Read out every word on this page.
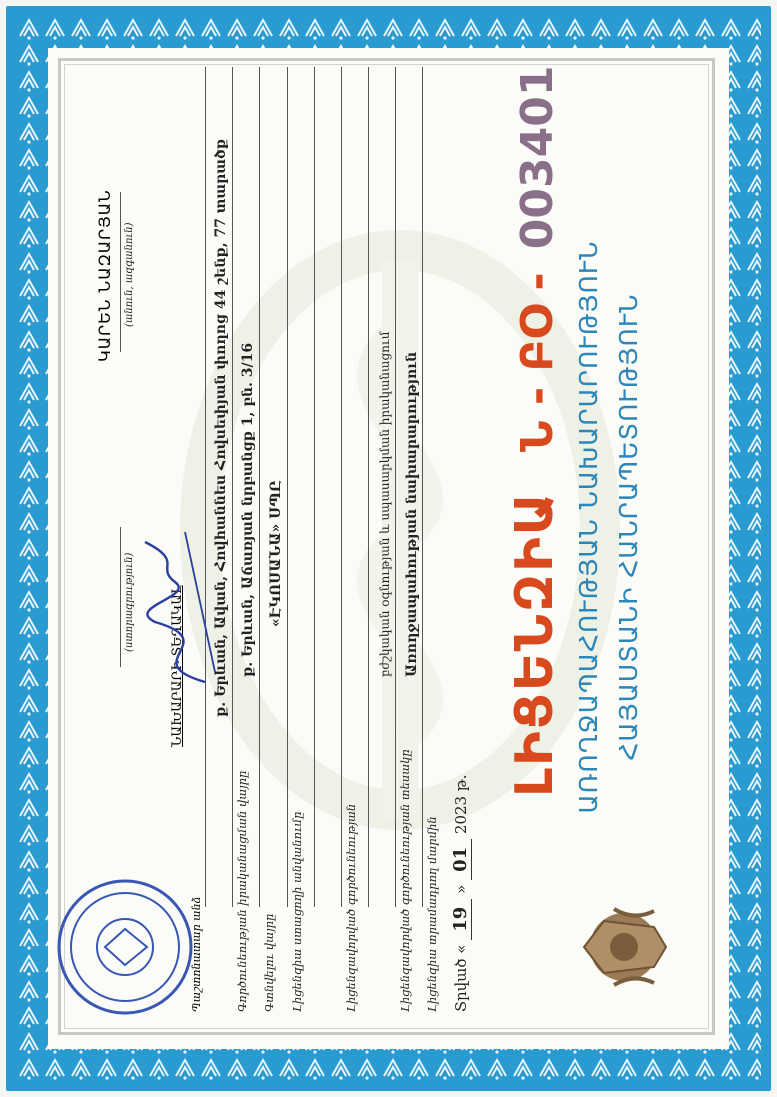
ՀԱՅԱՍՏԱՆԻ ՀԱՆՐԱՊԵՏՈՒԹՅՈՒՆ
ԱՌՈՂՋԱՊԱՀՈՒԹՅԱՆ ՆԱԽԱՐԱՐՈՒԹՅՈՒՆ
ԼԻՑԵՆԶԻԱ Ն - ԲՕ - 003401
Տրված « 19 » 01 2023 թ.
Լիցենզիա տրամադրող մարմին
Առողջապահության նախարարություն
Լիցենզավորված գործունեության տեսակը
բժշկական օգնության և սպասարկման իրականացում
Լիցենզավորված գործունեության
Լիցենզիա ստացողի անվանումը
«ԷԿՈՍԱՆԱ» ՍՊԸ
Գտնվելու վայրը
ք. Երևան, Աճառյան նրբանցք 1, բն. 3/16
Գործունեության իրականացման վայրը
ք. Երևան, Ավան, Հովհաննես Հովսեփյան փողոց 44 շենք, 77 տարածք
Պաշտոնատար անձ
ՆԱԽԱՐԱՐԻ ՏԵՂԱԿԱԼ
(ստորագրություն)
ԿԱՐԵՆ ՆԱԶԱՐՅԱՆ (անուն, ազգանուն)
